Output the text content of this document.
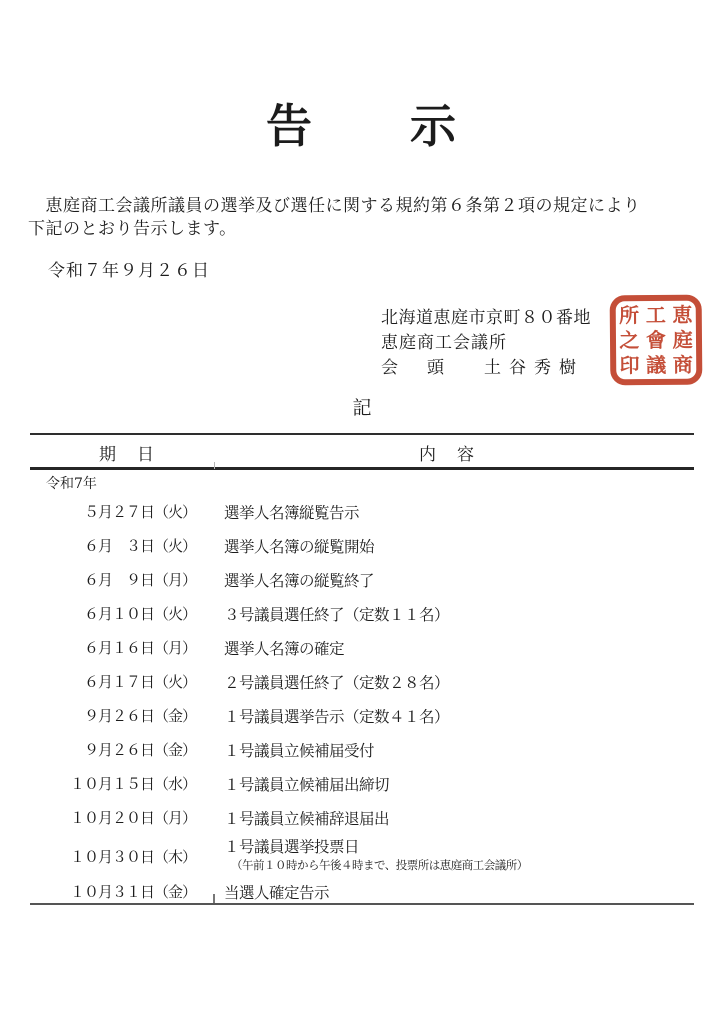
告　　示
　恵庭商工会議所議員の選挙及び選任に関する規約第６条第２項の規定により
下記のとおり告示します。
令和７年９月２６日
北海道恵庭市京町８０番地
恵庭商工会議所
会　頭 土谷秀樹
恵
庭
商
工
會
議
所
之
印
記
期　日	内　容
令和7年
５月２７日（火） 選挙人名簿縦覧告示
６月　３日（火） 選挙人名簿の縦覧開始
６月　９日（月） 選挙人名簿の縦覧終了
６月１０日（火） ３号議員選任終了（定数１１名）
６月１６日（月） 選挙人名簿の確定
６月１７日（火） ２号議員選任終了（定数２８名）
９月２６日（金） １号議員選挙告示（定数４１名）
９月２６日（金） １号議員立候補届受付
１０月１５日（水） １号議員立候補届出締切
１０月２０日（月） １号議員立候補辞退届出
１０月３０日（木）
１号議員選挙投票日
（午前１０時から午後４時まで、投票所は恵庭商工会議所）
１０月３１日（金） 当選人確定告示
